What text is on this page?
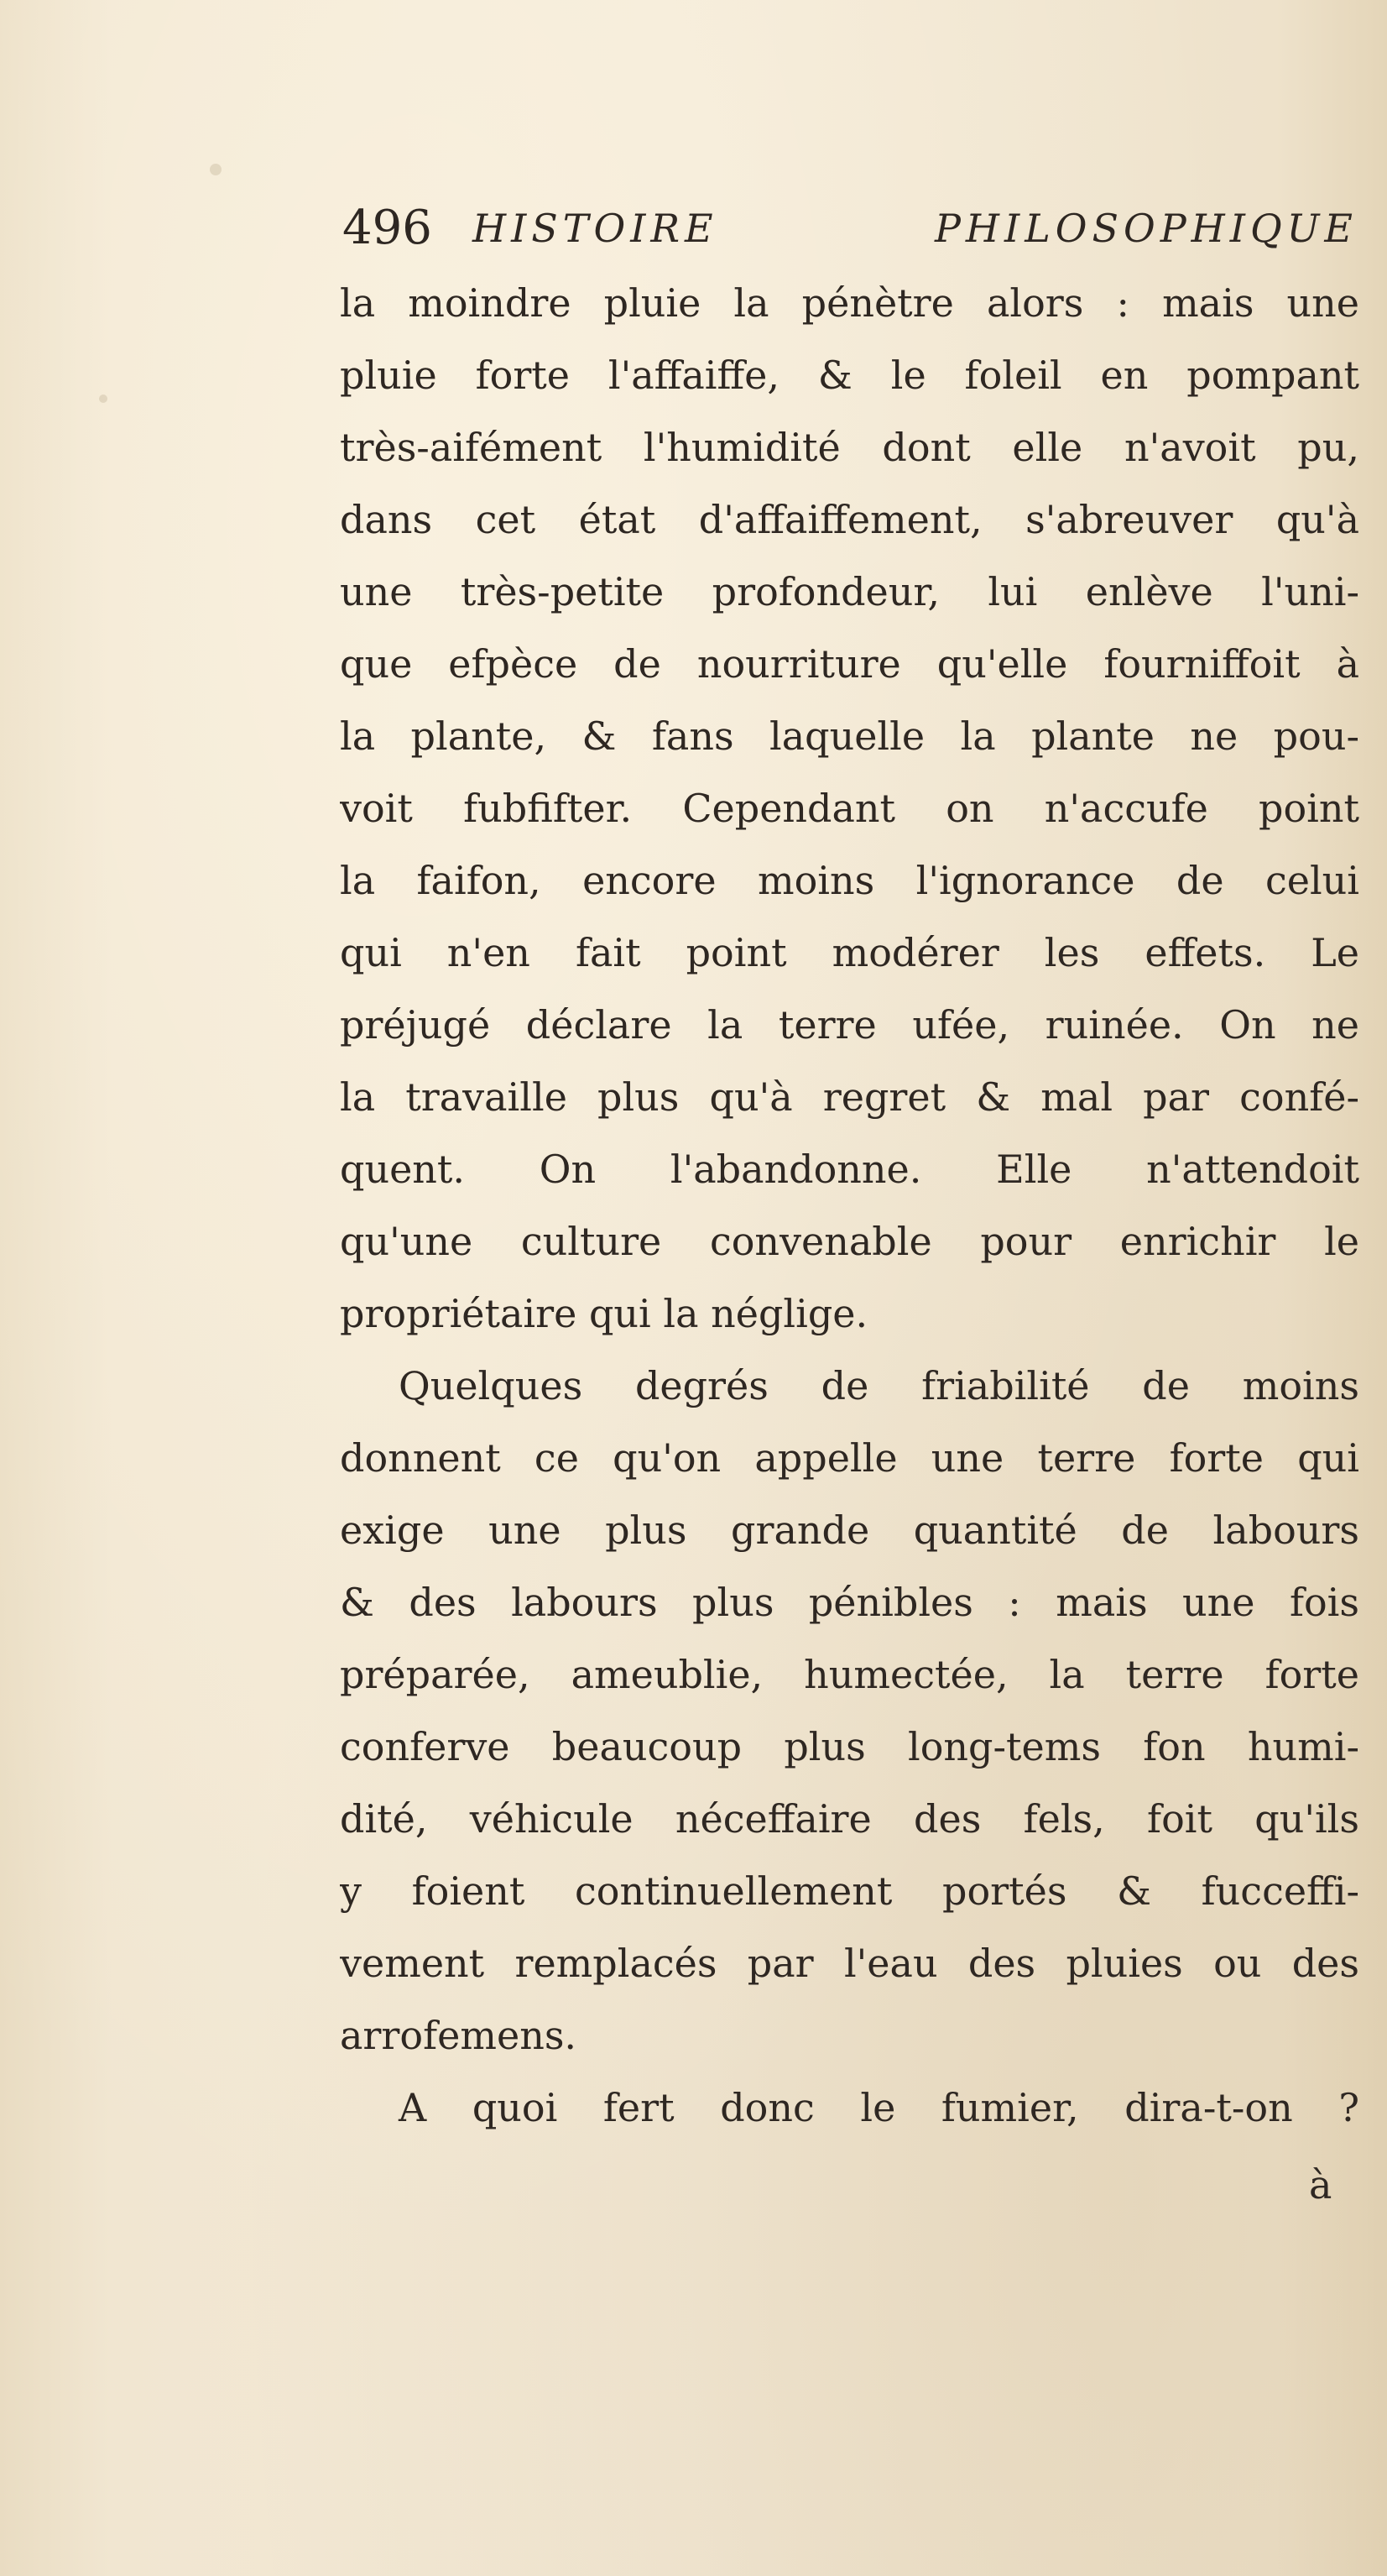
496 HISTOIRE PHILOSOPHIQUE
la moindre pluie la pénètre alors : mais une
pluie forte l'affaiffe, & le foleil en pompant
très-aifément l'humidité dont elle n'avoit pu,
dans cet état d'affaiffement, s'abreuver qu'à
une très-petite profondeur, lui enlève l'uni-
que efpèce de nourriture qu'elle fourniffoit à
la plante, & fans laquelle la plante ne pou-
voit fubfifter. Cependant on n'accufe point
la faifon, encore moins l'ignorance de celui
qui n'en fait point modérer les effets. Le
préjugé déclare la terre ufée, ruinée. On ne
la travaille plus qu'à regret & mal par confé-
quent. On l'abandonne. Elle n'attendoit
qu'une culture convenable pour enrichir le
propriétaire qui la néglige.
Quelques degrés de friabilité de moins
donnent ce qu'on appelle une terre forte qui
exige une plus grande quantité de labours
& des labours plus pénibles : mais une fois
préparée, ameublie, humectée, la terre forte
conferve beaucoup plus long-tems fon humi-
dité, véhicule néceffaire des fels, foit qu'ils
y foient continuellement portés & fucceffi-
vement remplacés par l'eau des pluies ou des
arrofemens.
A quoi fert donc le fumier, dira-t-on ?
à
